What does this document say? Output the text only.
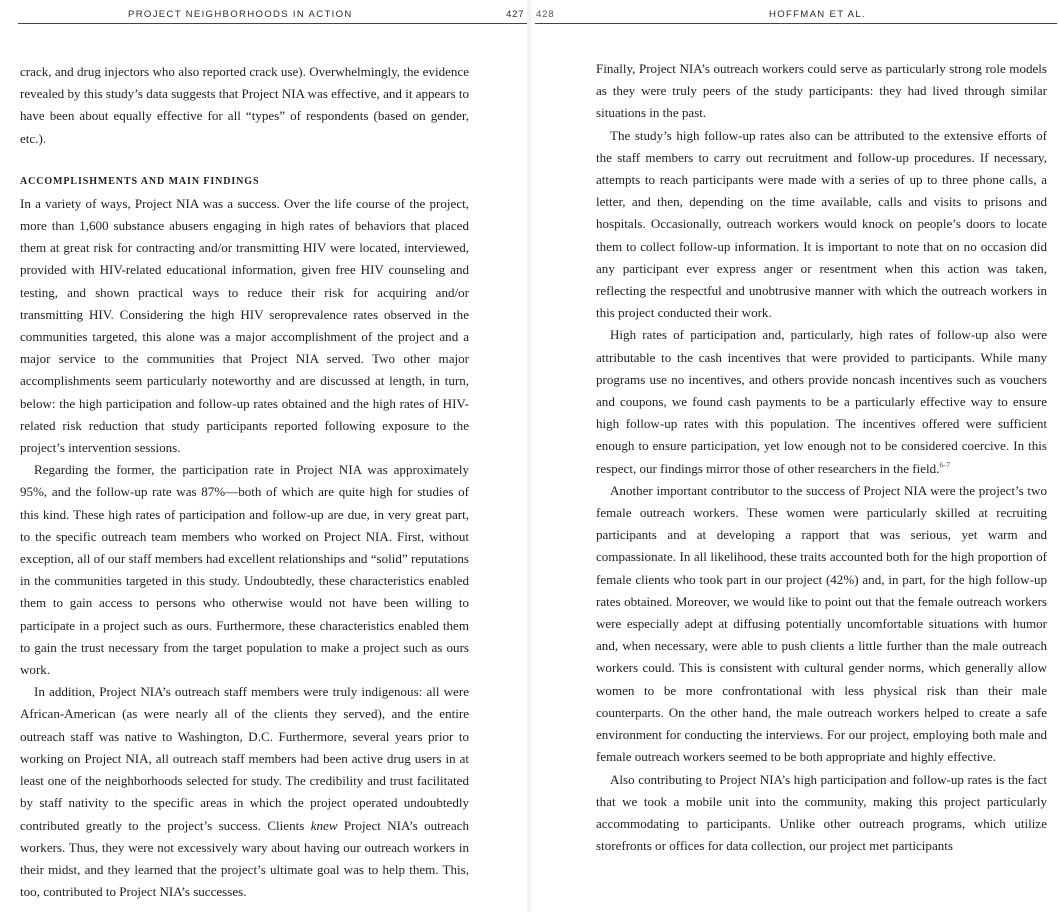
PROJECT NEIGHBORHOODS IN ACTION	427

crack, and drug injectors who also reported crack use). Overwhelmingly, the evidence revealed by this study’s data suggests that Project NIA was effective, and it appears to have been about equally effective for all “types” of respondents (based on gender, etc.).

ACCOMPLISHMENTS AND MAIN FINDINGS

In a variety of ways, Project NIA was a success. Over the life course of the project, more than 1,600 substance abusers engaging in high rates of behaviors that placed them at great risk for contracting and/or transmitting HIV were located, interviewed, provided with HIV-related educational information, given free HIV counseling and testing, and shown practical ways to reduce their risk for acquiring and/or transmitting HIV. Considering the high HIV seroprevalence rates observed in the communities targeted, this alone was a major accomplishment of the project and a major service to the communities that Project NIA served. Two other major accomplishments seem particularly noteworthy and are discussed at length, in turn, below: the high participation and follow-up rates obtained and the high rates of HIV-related risk reduction that study participants reported following exposure to the project’s intervention sessions.

Regarding the former, the participation rate in Project NIA was approximately 95%, and the follow-up rate was 87%—both of which are quite high for studies of this kind. These high rates of participation and follow-up are due, in very great part, to the specific outreach team members who worked on Project NIA. First, without exception, all of our staff members had excellent relationships and “solid” reputations in the communities targeted in this study. Undoubtedly, these characteristics enabled them to gain access to persons who otherwise would not have been willing to participate in a project such as ours. Furthermore, these characteristics enabled them to gain the trust necessary from the target population to make a project such as ours work.

In addition, Project NIA’s outreach staff members were truly indigenous: all were African-American (as were nearly all of the clients they served), and the entire outreach staff was native to Washington, D.C. Furthermore, several years prior to working on Project NIA, all outreach staff members had been active drug users in at least one of the neighborhoods selected for study. The credibility and trust facilitated by staff nativity to the specific areas in which the project operated undoubtedly contributed greatly to the project’s success. Clients knew Project NIA’s outreach workers. Thus, they were not excessively wary about having our outreach workers in their midst, and they learned that the project’s ultimate goal was to help them. This, too, contributed to Project NIA’s successes.

428	HOFFMAN ET AL.

Finally, Project NIA’s outreach workers could serve as particularly strong role models as they were truly peers of the study participants: they had lived through similar situations in the past.

The study’s high follow-up rates also can be attributed to the extensive efforts of the staff members to carry out recruitment and follow-up procedures. If necessary, attempts to reach participants were made with a series of up to three phone calls, a letter, and then, depending on the time available, calls and visits to prisons and hospitals. Occasionally, outreach workers would knock on people’s doors to locate them to collect follow-up information. It is important to note that on no occasion did any participant ever express anger or resentment when this action was taken, reflecting the respectful and unobtrusive manner with which the outreach workers in this project conducted their work.

High rates of participation and, particularly, high rates of follow-up also were attributable to the cash incentives that were provided to participants. While many programs use no incentives, and others provide noncash incentives such as vouchers and coupons, we found cash payments to be a particularly effective way to ensure high follow-up rates with this population. The incentives offered were sufficient enough to ensure participation, yet low enough not to be considered coercive. In this respect, our findings mirror those of other researchers in the field.$^{6-7}$

Another important contributor to the success of Project NIA were the project’s two female outreach workers. These women were particularly skilled at recruiting participants and at developing a rapport that was serious, yet warm and compassionate. In all likelihood, these traits accounted both for the high proportion of female clients who took part in our project (42%) and, in part, for the high follow-up rates obtained. Moreover, we would like to point out that the female outreach workers were especially adept at diffusing potentially uncomfortable situations with humor and, when necessary, were able to push clients a little further than the male outreach workers could. This is consistent with cultural gender norms, which generally allow women to be more confrontational with less physical risk than their male counterparts. On the other hand, the male outreach workers helped to create a safe environment for conducting the interviews. For our project, employing both male and female outreach workers seemed to be both appropriate and highly effective.

Also contributing to Project NIA’s high participation and follow-up rates is the fact that we took a mobile unit into the community, making this project particularly accommodating to participants. Unlike other outreach programs, which utilize storefronts or offices for data collection, our project met participants
